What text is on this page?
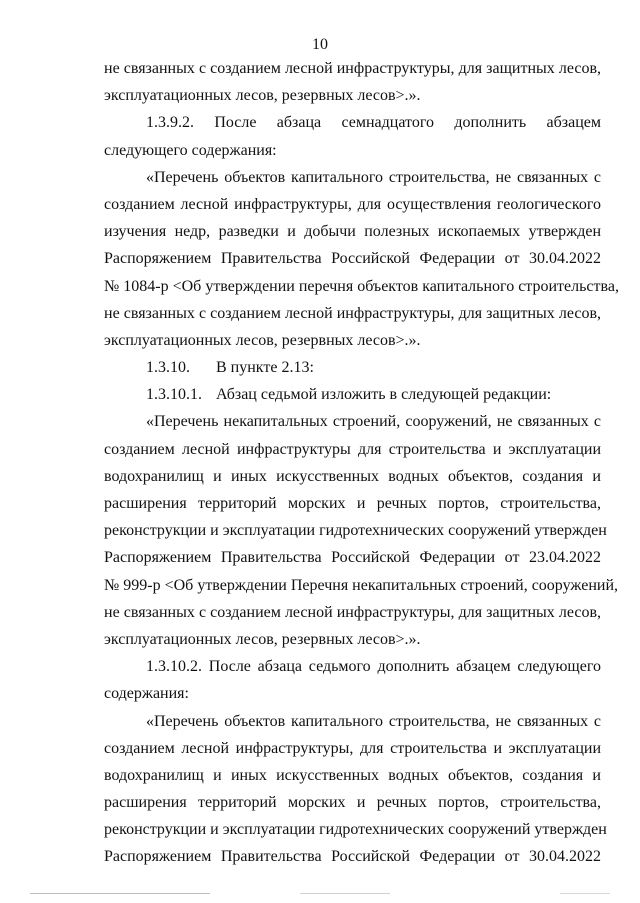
10
не связанных с созданием лесной инфраструктуры, для защитных лесов,
эксплуатационных лесов, резервных лесов>.».
1.3.9.2. После абзаца семнадцатого дополнить абзацем
следующего содержания:
«Перечень объектов капитального строительства, не связанных с
созданием лесной инфраструктуры, для осуществления геологического
изучения недр, разведки и добычи полезных ископаемых утвержден
Распоряжением Правительства Российской Федерации от 30.04.2022
№ 1084-р <Об утверждении перечня объектов капитального строительства,
не связанных с созданием лесной инфраструктуры, для защитных лесов,
эксплуатационных лесов, резервных лесов>.».
1.3.10. В пункте 2.13:
1.3.10.1. Абзац седьмой изложить в следующей редакции:
«Перечень некапитальных строений, сооружений, не связанных с
созданием лесной инфраструктуры для строительства и эксплуатации
водохранилищ и иных искусственных водных объектов, создания и
расширения территорий морских и речных портов, строительства,
реконструкции и эксплуатации гидротехнических сооружений утвержден
Распоряжением Правительства Российской Федерации от 23.04.2022
№ 999-р <Об утверждении Перечня некапитальных строений, сооружений,
не связанных с созданием лесной инфраструктуры, для защитных лесов,
эксплуатационных лесов, резервных лесов>.».
1.3.10.2. После абзаца седьмого дополнить абзацем следующего
содержания:
«Перечень объектов капитального строительства, не связанных с
созданием лесной инфраструктуры, для строительства и эксплуатации
водохранилищ и иных искусственных водных объектов, создания и
расширения территорий морских и речных портов, строительства,
реконструкции и эксплуатации гидротехнических сооружений утвержден
Распоряжением Правительства Российской Федерации от 30.04.2022
